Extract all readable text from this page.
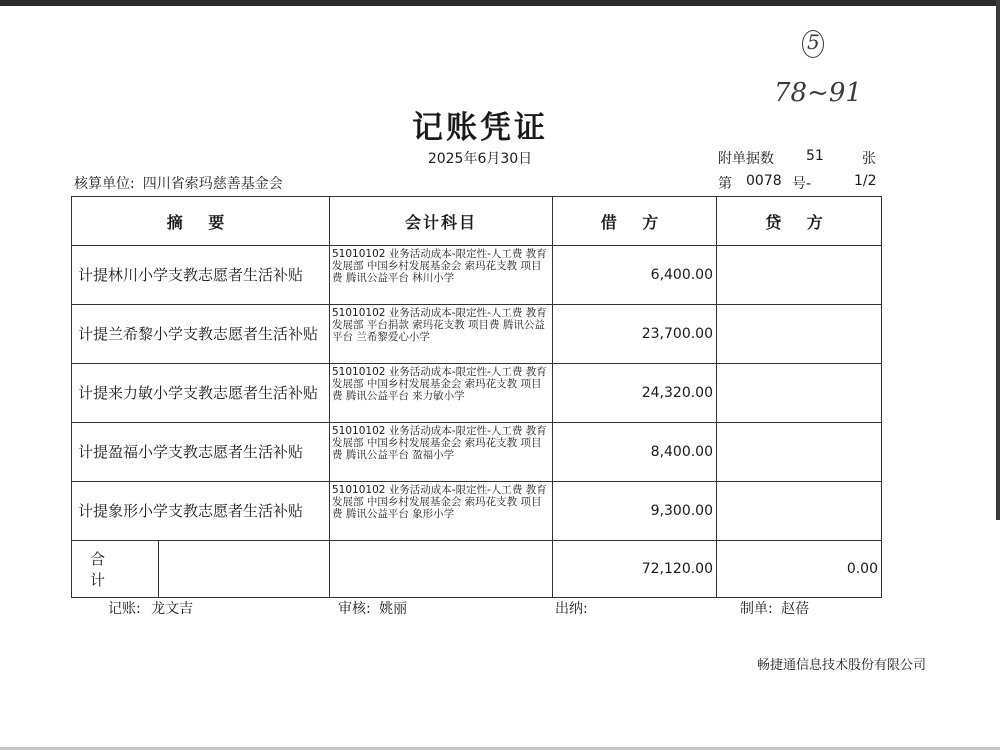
5
78~91
记账凭证
2025年6月30日
核算单位: 四川省索玛慈善基金会
附单据数 51	张
第 0078 号-	1/2
摘 要	会计科目	借 方	贷 方
计提林川小学支教志愿者生活补贴	51010102 业务活动成本-限定性-人工费 教育发展部 中国乡村发展基金会 索玛花支教 项目费 腾讯公益平台 林川小学	6,400.00	
计提兰希黎小学支教志愿者生活补贴	51010102 业务活动成本-限定性-人工费 教育发展部 平台捐款 索玛花支教 项目费 腾讯公益平台 兰希黎爱心小学	23,700.00	
计提来力敏小学支教志愿者生活补贴	51010102 业务活动成本-限定性-人工费 教育发展部 中国乡村发展基金会 索玛花支教 项目费 腾讯公益平台 来力敏小学	24,320.00	
计提盈福小学支教志愿者生活补贴	51010102 业务活动成本-限定性-人工费 教育发展部 中国乡村发展基金会 索玛花支教 项目费 腾讯公益平台 盈福小学	8,400.00	
计提象形小学支教志愿者生活补贴	51010102 业务活动成本-限定性-人工费 教育发展部 中国乡村发展基金会 索玛花支教 项目费 腾讯公益平台 象形小学	9,300.00	

合 计		72,120.00	0.00
记账: 龙文吉	审核: 姚丽	出纳:	制单: 赵蓓
畅捷通信息技术股份有限公司
